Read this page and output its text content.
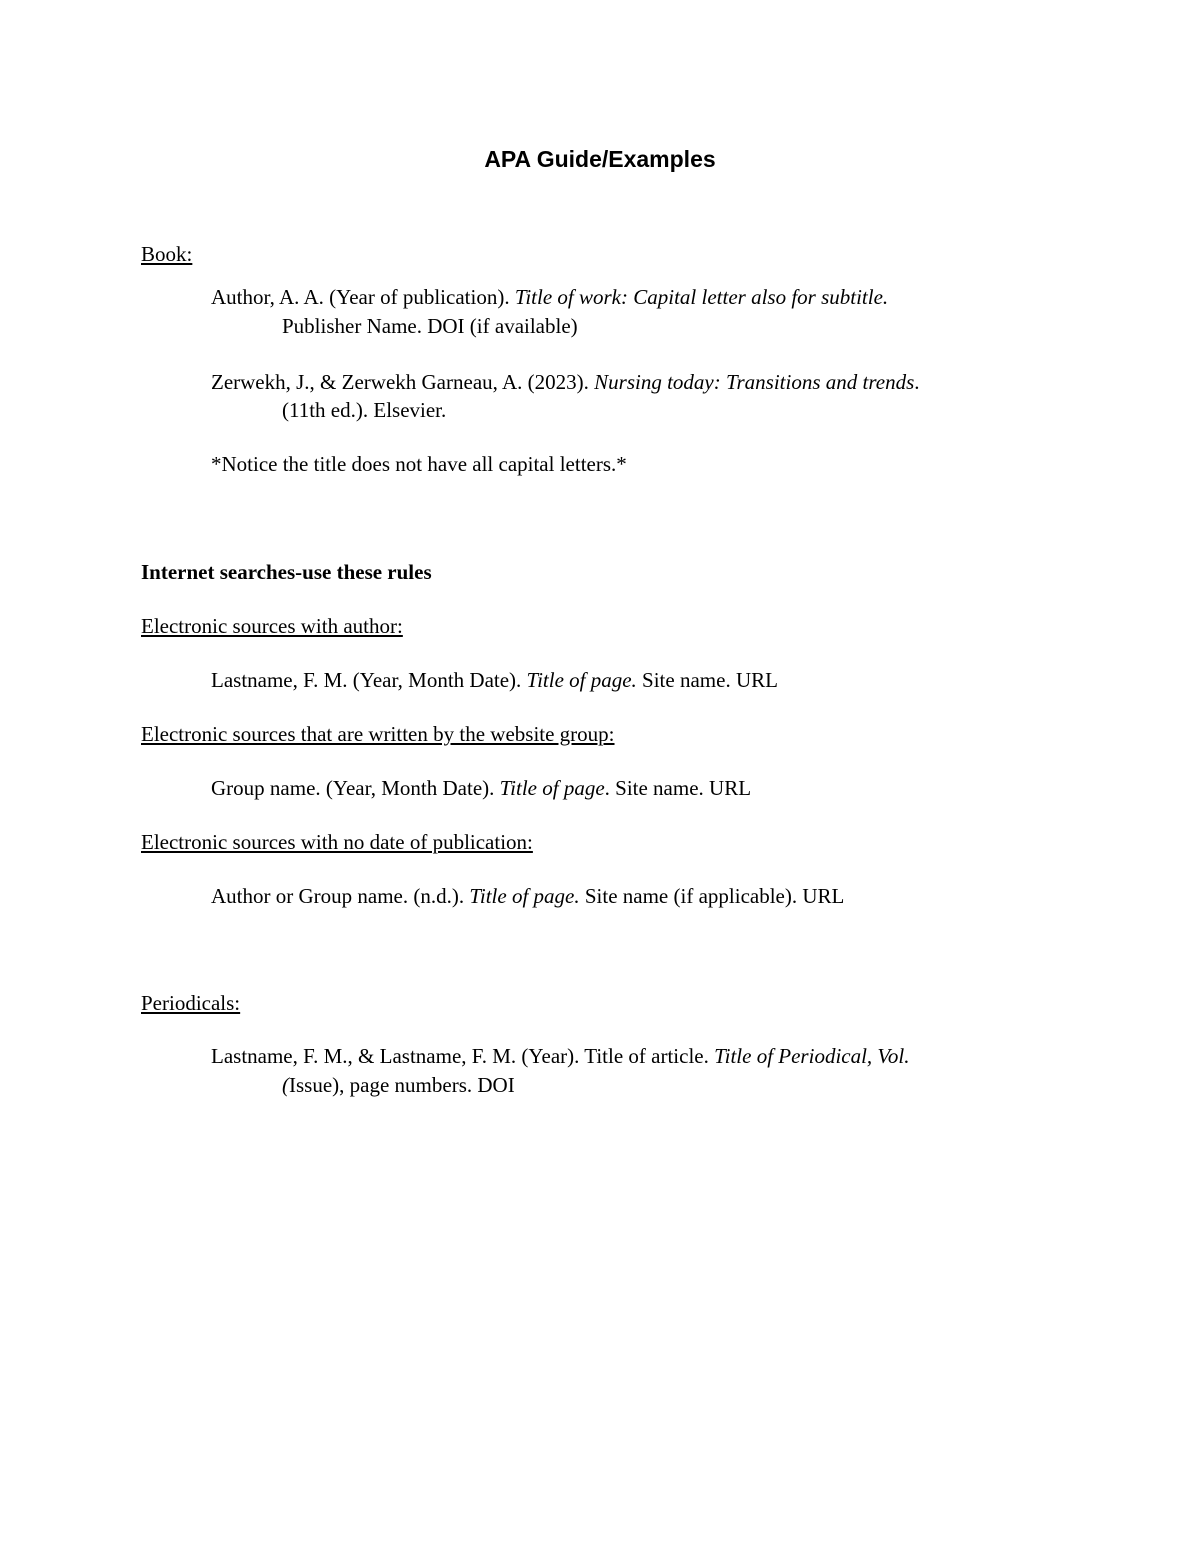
APA Guide/Examples
Book:
Author, A. A. (Year of publication). Title of work: Capital letter also for subtitle.
Publisher Name. DOI (if available)
Zerwekh, J., & Zerwekh Garneau, A. (2023). Nursing today: Transitions and trends.
(11th ed.). Elsevier.
*Notice the title does not have all capital letters.*
Internet searches-use these rules
Electronic sources with author:
Lastname, F. M. (Year, Month Date). Title of page. Site name. URL
Electronic sources that are written by the website group:
Group name. (Year, Month Date). Title of page. Site name. URL
Electronic sources with no date of publication:
Author or Group name. (n.d.). Title of page. Site name (if applicable). URL
Periodicals:
Lastname, F. M., & Lastname, F. M. (Year). Title of article. Title of Periodical, Vol.
(Issue), page numbers. DOI
